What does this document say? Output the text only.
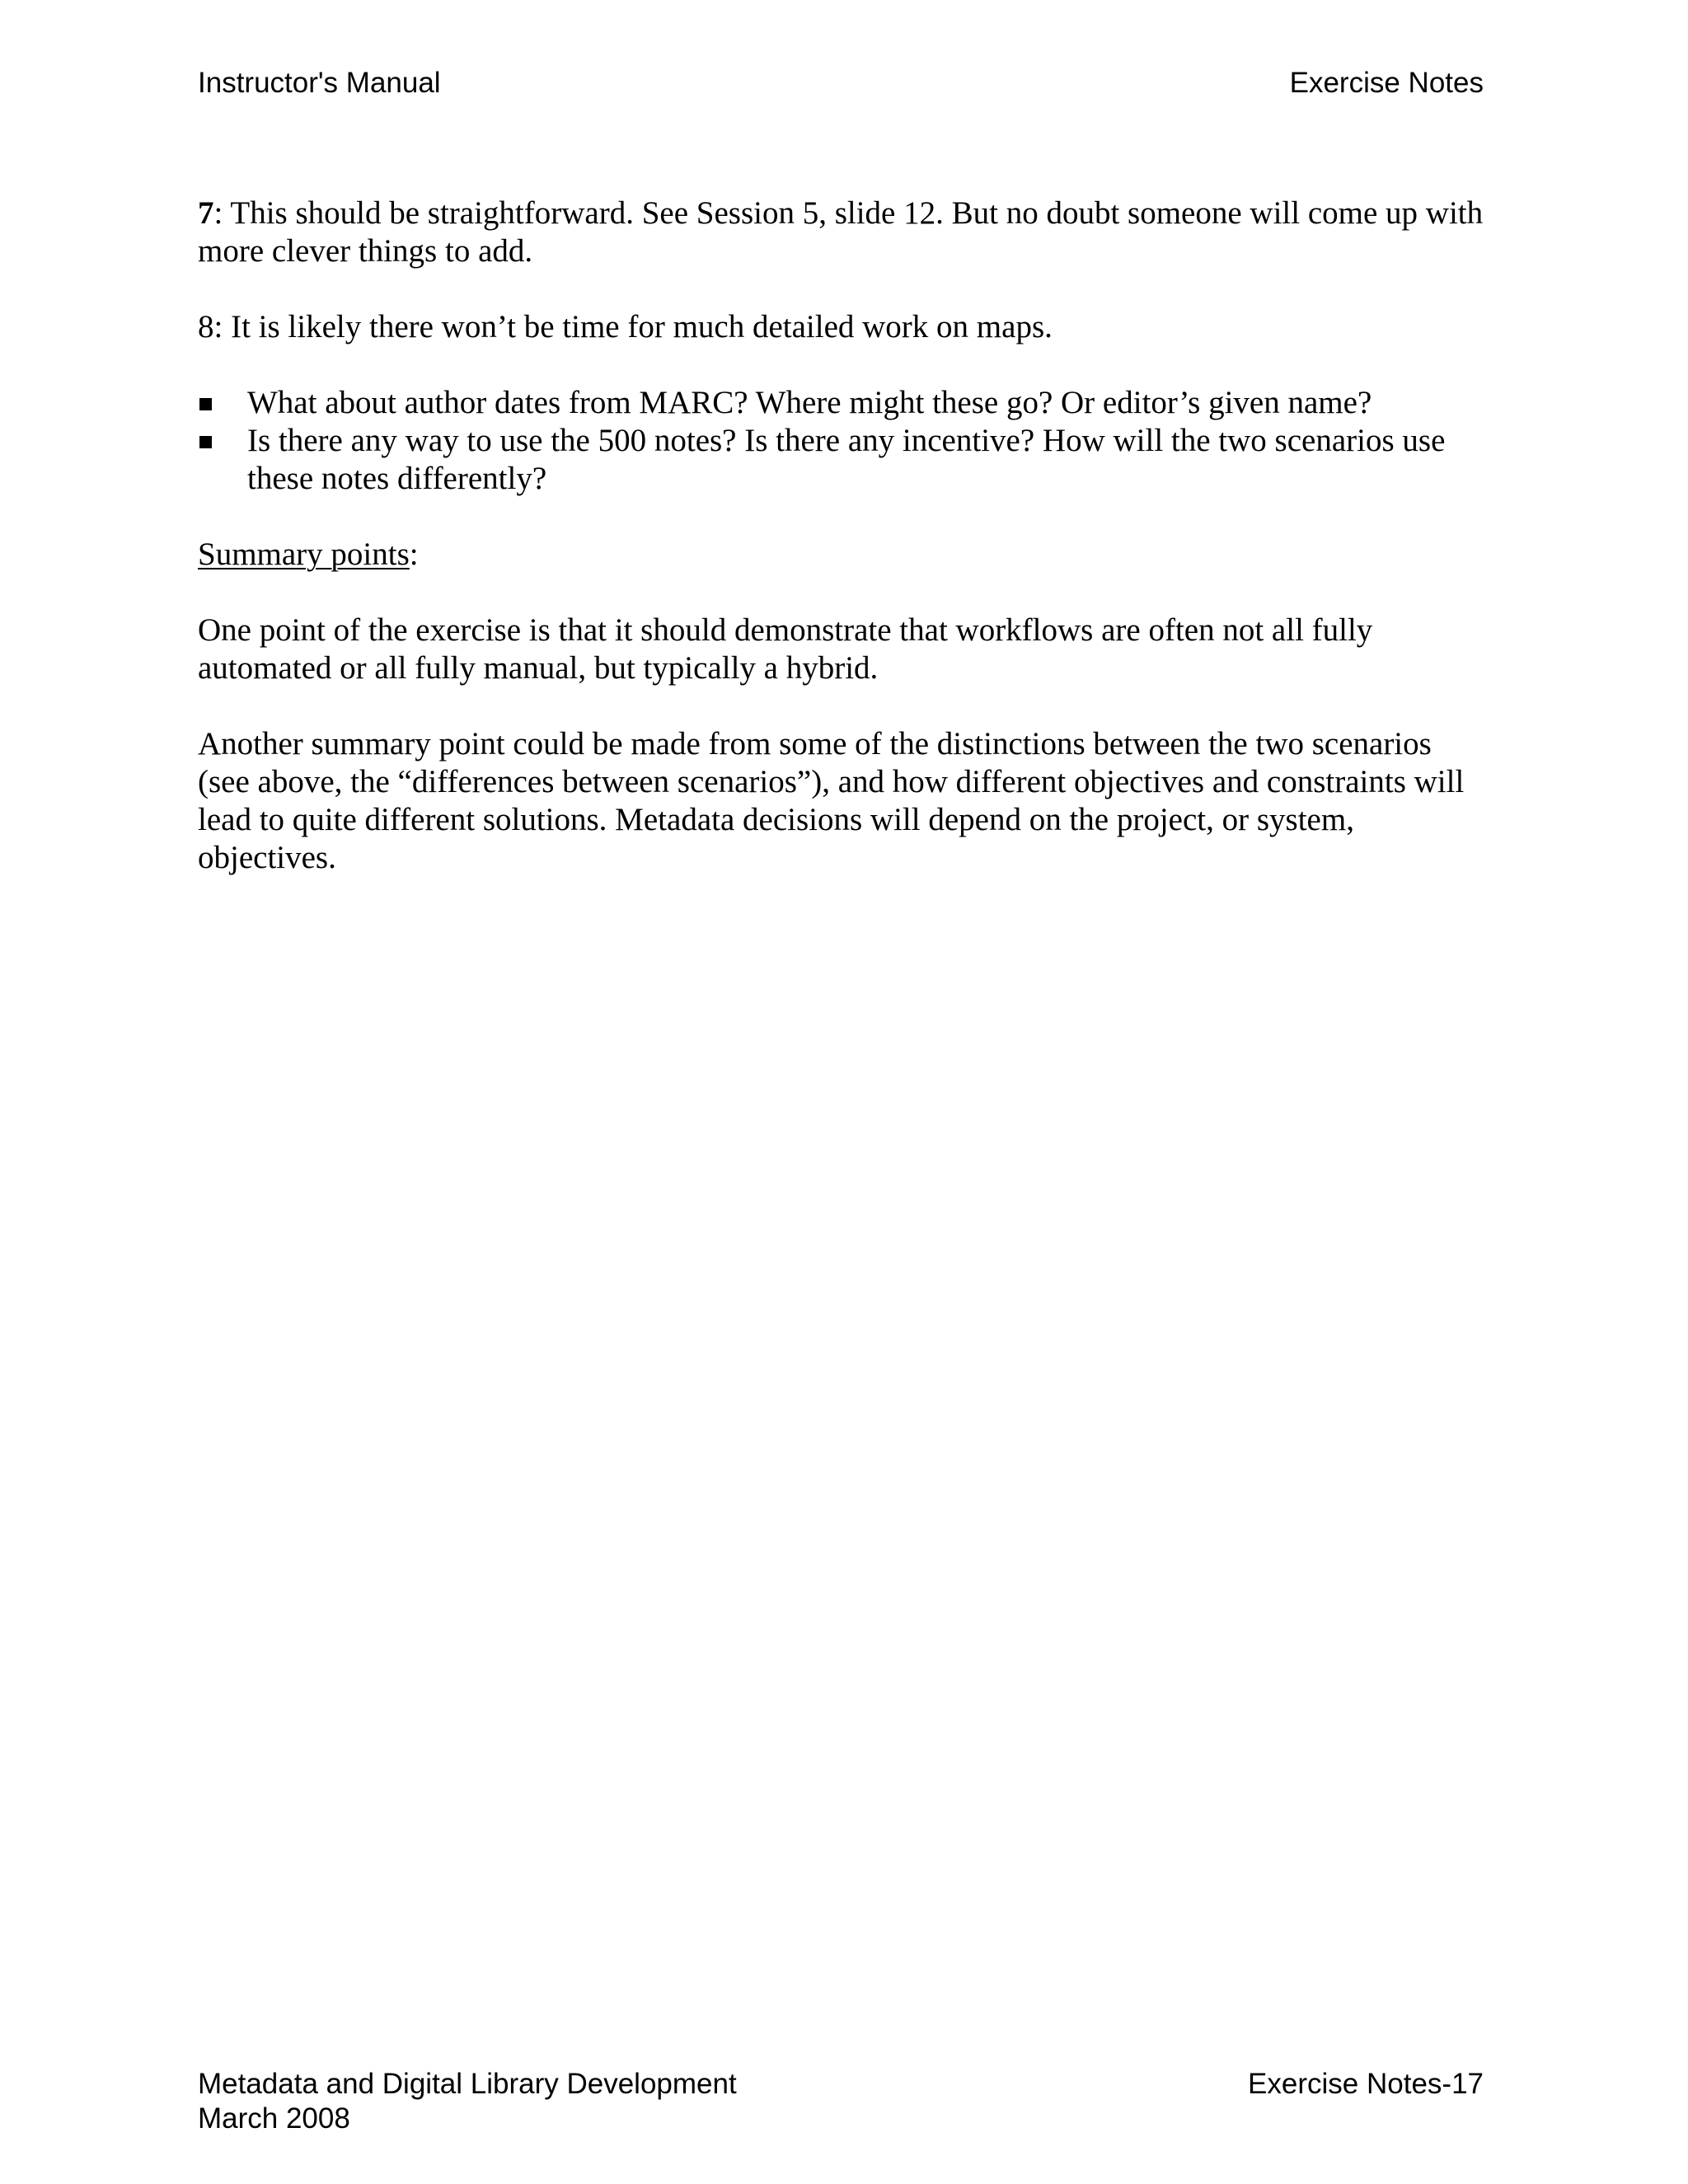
Instructor's Manual	Exercise Notes

7: This should be straightforward. See Session 5, slide 12. But no doubt someone will come up with more clever things to add.

8: It is likely there won’t be time for much detailed work on maps.

What about author dates from MARC? Where might these go? Or editor’s given name?
Is there any way to use the 500 notes? Is there any incentive? How will the two scenarios use these notes differently?

Summary points:

One point of the exercise is that it should demonstrate that workflows are often not all fully automated or all fully manual, but typically a hybrid.

Another summary point could be made from some of the distinctions between the two scenarios (see above, the “differences between scenarios”), and how different objectives and constraints will lead to quite different solutions. Metadata decisions will depend on the project, or system, objectives.

Metadata and Digital Library Development
March 2008
Exercise Notes-17
